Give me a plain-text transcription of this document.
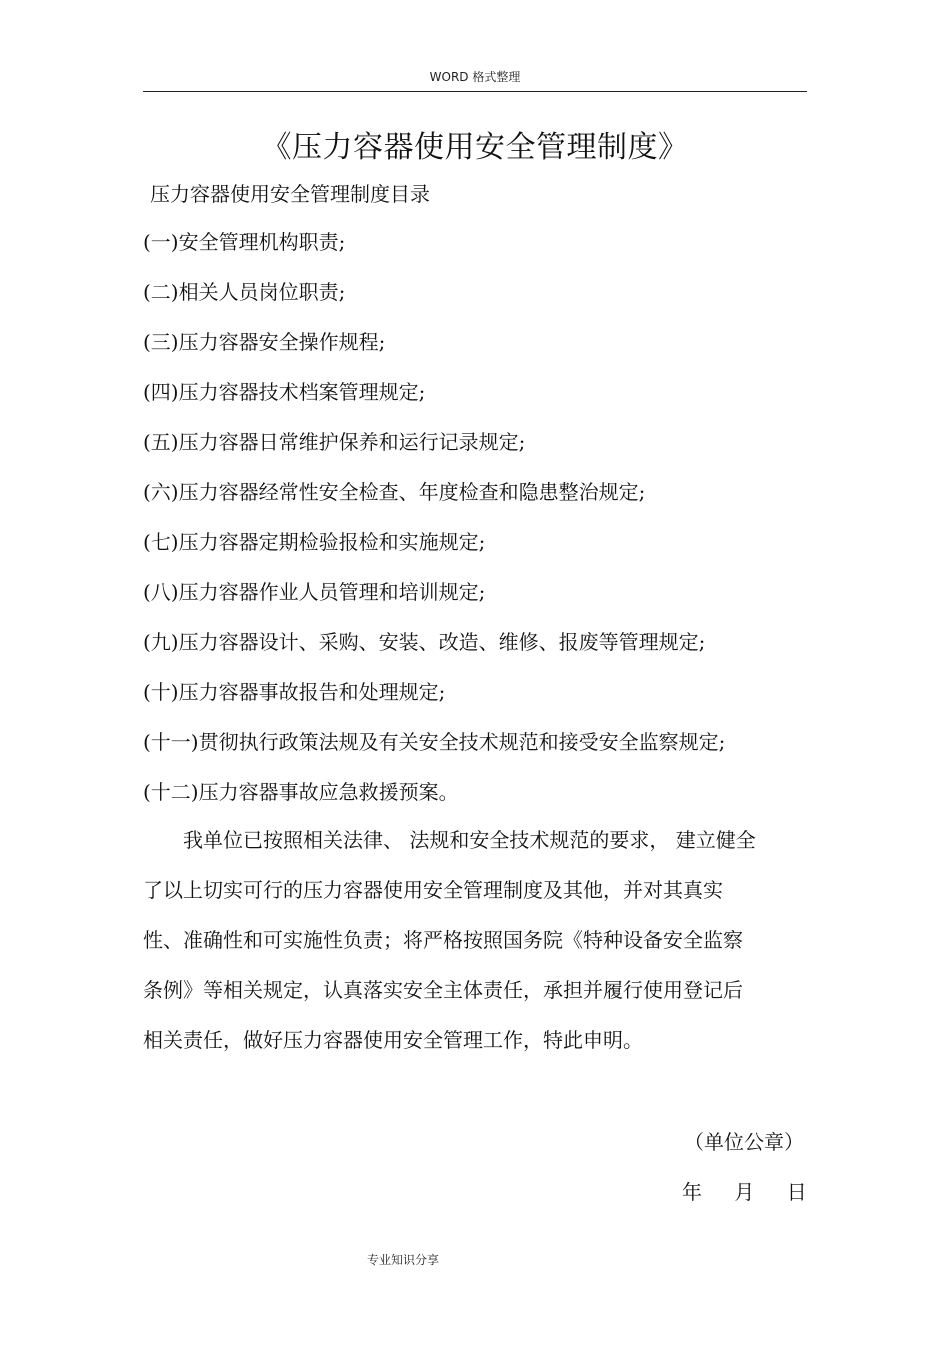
WORD 格式整理
《压力容器使用安全管理制度》
压力容器使用安全管理制度目录
(一)安全管理机构职责;
(二)相关人员岗位职责;
(三)压力容器安全操作规程;
(四)压力容器技术档案管理规定;
(五)压力容器日常维护保养和运行记录规定;
(六)压力容器经常性安全检查、年度检查和隐患整治规定;
(七)压力容器定期检验报检和实施规定;
(八)压力容器作业人员管理和培训规定;
(九)压力容器设计、采购、安装、改造、维修、报废等管理规定;
(十)压力容器事故报告和处理规定;
(十一)贯彻执行政策法规及有关安全技术规范和接受安全监察规定;
(十二)压力容器事故应急救援预案。
　　我单位已按照相关法律、 法规和安全技术规范的要求， 建立健全
了以上切实可行的压力容器使用安全管理制度及其他，并对其真实
性、准确性和可实施性负责；将严格按照国务院《特种设备安全监察
条例》等相关规定，认真落实安全主体责任，承担并履行使用登记后
相关责任，做好压力容器使用安全管理工作，特此申明。
（单位公章）
年 月 日
专业知识分享
